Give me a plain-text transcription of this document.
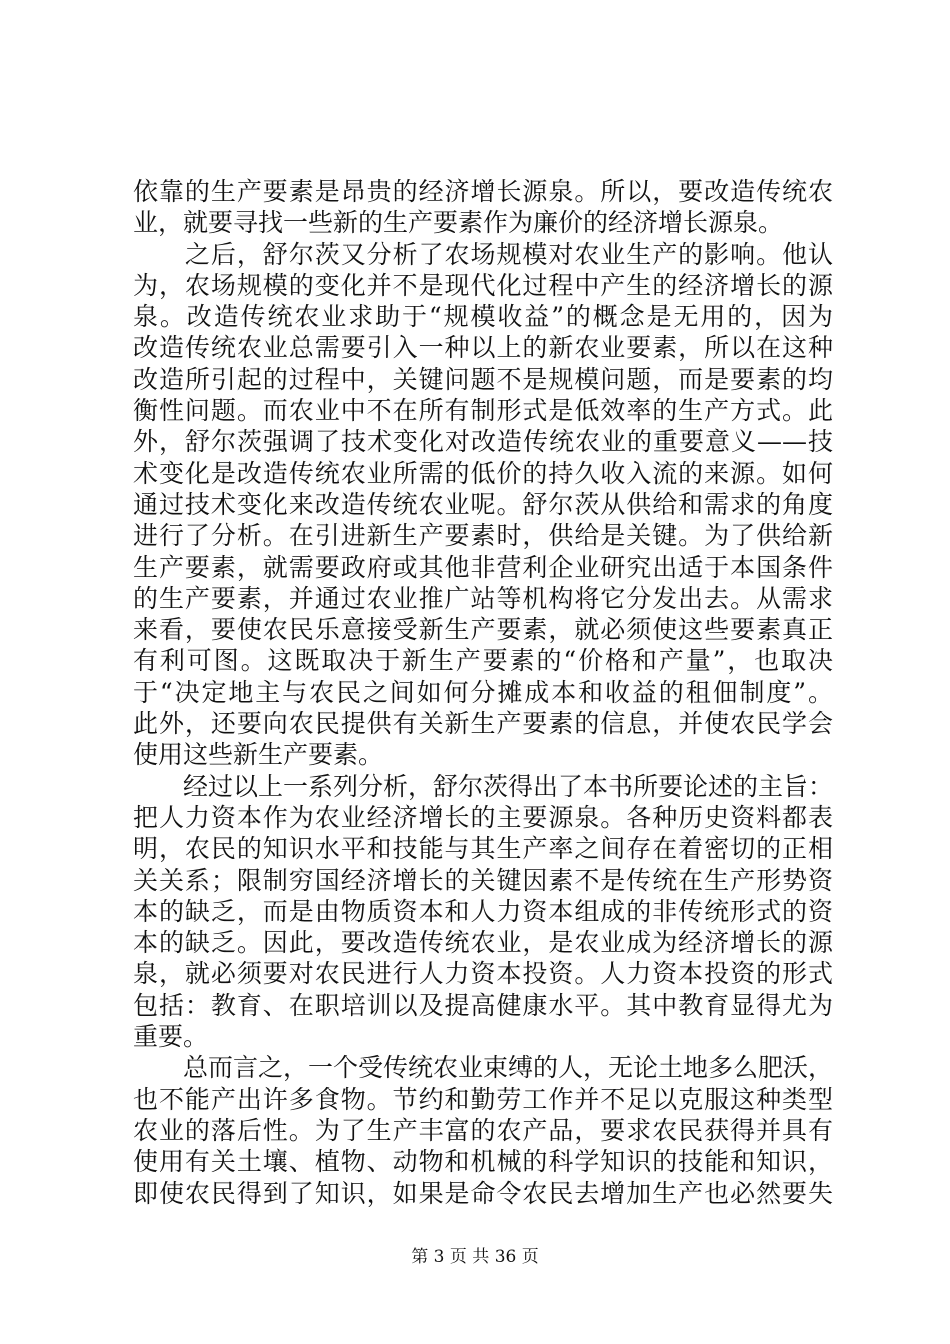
依靠的生产要素是昂贵的经济增长源泉。所以，要改造传统农
业，就要寻找一些新的生产要素作为廉价的经济增长源泉。
　　之后，舒尔茨又分析了农场规模对农业生产的影响。他认
为，农场规模的变化并不是现代化过程中产生的经济增长的源
泉。改造传统农业求助于“规模收益”的概念是无用的，因为
改造传统农业总需要引入一种以上的新农业要素，所以在这种
改造所引起的过程中，关键问题不是规模问题，而是要素的均
衡性问题。而农业中不在所有制形式是低效率的生产方式。此
外，舒尔茨强调了技术变化对改造传统农业的重要意义——技
术变化是改造传统农业所需的低价的持久收入流的来源。如何
通过技术变化来改造传统农业呢。舒尔茨从供给和需求的角度
进行了分析。在引进新生产要素时，供给是关键。为了供给新
生产要素，就需要政府或其他非营利企业研究出适于本国条件
的生产要素，并通过农业推广站等机构将它分发出去。从需求
来看，要使农民乐意接受新生产要素，就必须使这些要素真正
有利可图。这既取决于新生产要素的“价格和产量”，也取决
于“决定地主与农民之间如何分摊成本和收益的租佃制度”。
此外，还要向农民提供有关新生产要素的信息，并使农民学会
使用这些新生产要素。
　　经过以上一系列分析，舒尔茨得出了本书所要论述的主旨：
把人力资本作为农业经济增长的主要源泉。各种历史资料都表
明，农民的知识水平和技能与其生产率之间存在着密切的正相
关关系；限制穷国经济增长的关键因素不是传统在生产形势资
本的缺乏，而是由物质资本和人力资本组成的非传统形式的资
本的缺乏。因此，要改造传统农业，是农业成为经济增长的源
泉，就必须要对农民进行人力资本投资。人力资本投资的形式
包括：教育、在职培训以及提高健康水平。其中教育显得尤为
重要。
　　总而言之，一个受传统农业束缚的人，无论土地多么肥沃，
也不能产出许多食物。节约和勤劳工作并不足以克服这种类型
农业的落后性。为了生产丰富的农产品，要求农民获得并具有
使用有关土壤、植物、动物和机械的科学知识的技能和知识，
即使农民得到了知识，如果是命令农民去增加生产也必然要失
第 3 页 共 36 页
